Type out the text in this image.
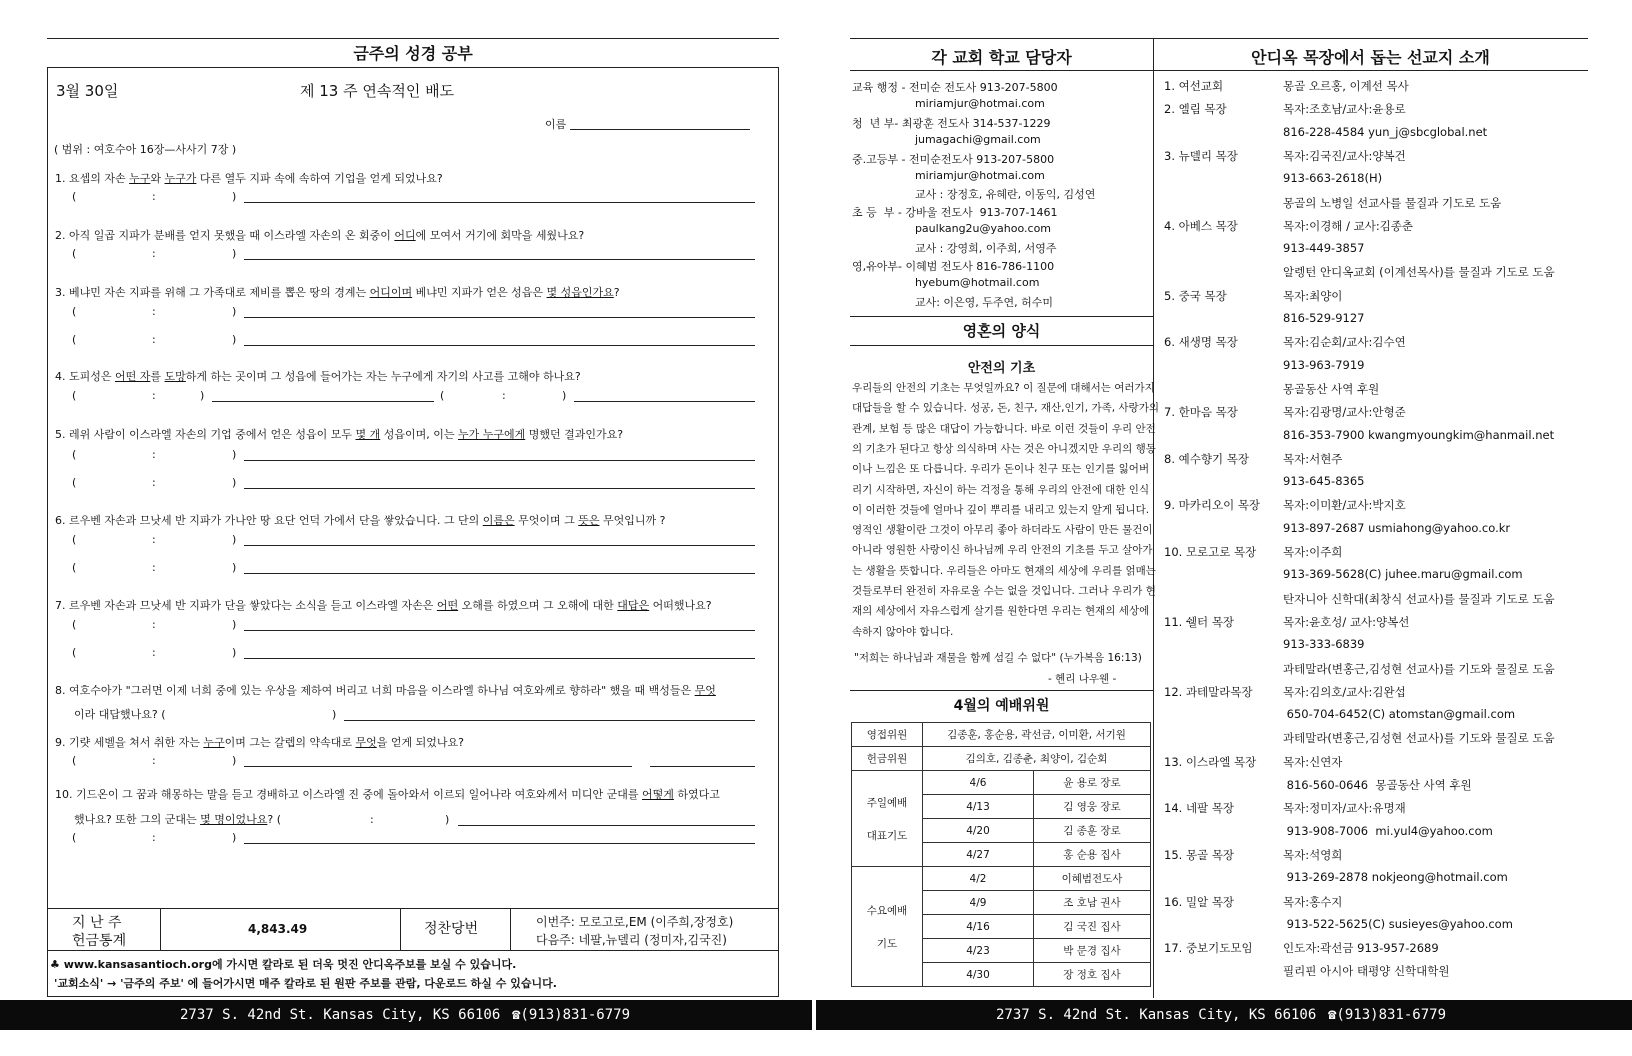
금주의 성경 공부
3월 30일	제 13 주 연속적인 배도
이름
( 범위 : 여호수아 16장—사사기 7장 )
1. 요셉의 자손 누구와 누구가 다른 열두 지파 속에 속하여 기업을 얻게 되었나요?
(	:	)
2. 아직 일곱 지파가 분배를 얻지 못했을 때 이스라엘 자손의 온 회중이 어디에 모여서 거기에 회막을 세웠나요?
(	:	)
3. 베냐민 자손 지파를 위해 그 가족대로 제비를 뽑은 땅의 경계는 어디이며 베냐민 지파가 얻은 성읍은 몇 성읍인가요?
(	:	)
(	:	)
4. 도피성은 어떤 자를 도망하게 하는 곳이며 그 성읍에 들어가는 자는 누구에게 자기의 사고를 고해야 하나요?
(	:	)	(	:	)
5. 레위 사람이 이스라엘 자손의 기업 중에서 얻은 성읍이 모두 몇 개 성읍이며, 이는 누가 누구에게 명했던 결과인가요?
(	:	)
(	:	)
6. 르우벤 자손과 므낫세 반 지파가 가나안 땅 요단 언덕 가에서 단을 쌓았습니다. 그 단의 이름은 무엇이며 그 뜻은 무엇입니까 ?
(	:	)
(	:	)
7. 르우벤 자손과 므낫세 반 지파가 단을 쌓았다는 소식을 듣고 이스라엘 자손은 어떤 오해를 하였으며 그 오해에 대한 대답은 어떠했나요?
(	:	)
(	:	)
8. 여호수아가 "그러면 이제 너희 중에 있는 우상을 제하여 버리고 너희 마음을 이스라엘 하나님 여호와께로 향하라" 했을 때 백성들은 무엇
9. 기럇 세벨을 쳐서 취한 자는 누구이며 그는 갈렙의 약속대로 무엇을 얻게 되었나요?
(	:	)
10. 기드온이 그 꿈과 해몽하는 말을 듣고 경배하고 이스라엘 진 중에 돌아와서 이르되 일어나라 여호와께서 미디안 군대를 어떻게 하였다고
(	:	)
이라 대답했나요? (	)
했나요? 또한 그의 군대는 몇 명이었나요? (	:	)
지 난 주
헌금통계
4,843.49	정찬당번	이번주: 모로고로,EM (이주희,장정호)
다음주: 네팔,뉴델리 (정미자,김국진)
♣ www.kansasantioch.org에 가시면 칼라로 된 더욱 멋진 안디옥주보를 보실 수 있습니다.
'교회소식' → '금주의 주보' 에 들어가시면 매주 칼라로 된 원판 주보를 관람, 다운로드 하실 수 있습니다.
각 교회 학교 담당자	안디옥 목장에서 돕는 선교지 소개
교육 행정 - 전미순 전도사 913-207-5800
miriamjur@hotmai.com
청  년 부- 최광훈 전도사 314-537-1229
jumagachi@gmail.com
중.고등부 - 전미순전도사 913-207-5800
miriamjur@hotmai.com
교사 : 장정호, 유혜란, 이동익, 김성연
초 등  부 - 강바울 전도사  913-707-1461
paulkang2u@yahoo.com
교사 : 강영희, 이주희, 서영주
영,유아부- 이혜범 전도사 816-786-1100
hyebum@hotmail.com
교사: 이은영, 두주연, 허수미
영혼의 양식
안전의 기초
우리들의 안전의 기초는 무엇일까요? 이 질문에 대해서는 여러가지
대답들을 할 수 있습니다. 성공, 돈, 친구, 재산,인기, 가족, 사랑가의
관계, 보험 등 많은 대답이 가능합니다. 바로 이런 것들이 우리 안전
의 기초가 된다고 항상 의식하며 사는 것은 아니겠지만 우리의 행동
이나 느낌은 또 다릅니다. 우리가 돈이나 친구 또는 인기를 잃어버
리기 시작하면, 자신이 하는 걱정을 통해 우리의 안전에 대한 인식
이 이러한 것들에 얼마나 깊이 뿌리를 내리고 있는지 알게 됩니다.
영적인 생활이란 그것이 아무리 좋아 하더라도 사람이 만든 물건이
아니라 영원한 사랑이신 하나님께 우리 안전의 기초를 두고 살아가
는 생활을 뜻합니다. 우리들은 아마도 현재의 세상에 우리를 얽매는
것들로부터 완전히 자유로울 수는 없을 것입니다. 그러나 우리가 현
재의 세상에서 자유스럽게 살기를 원한다면 우리는 현재의 세상에
속하지 않아야 합니다.
"저희는 하나님과 재물을 함께 섬길 수 없다" (누가복음 16:13)
- 헨리 나우웬 -
4월의 예배위원
영접위원	김종훈, 홍순용, 곽선금, 이미환, 서기원	
헌금위원	김의호, 김종춘, 최양이, 김순회	

주일예배
대표기도	4/6	윤 용로 장로
	4/13	김 영웅 장로
	4/20	김 종훈 장로
	4/27	홍 순용 집사

수요예배
기도	4/2	이혜범전도사
	4/9	조 호남 권사
	4/16	김 국진 집사
	4/23	박 문경 집사
	4/30	장 정호 집사
1. 여선교회	몽골 오르홍, 이계선 목사
2. 엘림 목장	목자:조호남/교사:윤용로
816-228-4584 yun_j@sbcglobal.net
3. 뉴델리 목장	목자:김국진/교사:양복건
913-663-2618(H)
몽골의 노병일 선교사를 물질과 기도로 도움
4. 아베스 목장	목자:이경해 / 교사:김종춘
913-449-3857
알렝턴 안디옥교회 (이계선목사)를 물질과 기도로 도움
5. 중국 목장	목자:최양이
816-529-9127
6. 새생명 목장	목자:김순회/교사:김수연
913-963-7919
몽골동산 사역 후원
7. 한마음 목장	목자:김광명/교사:안형준
816-353-7900 kwangmyoungkim@hanmail.net
8. 예수향기 목장	목자:서현주
913-645-8365
9. 마카리오이 목장 목자:이미환/교사:박지호
913-897-2687 usmiahong@yahoo.co.kr
10. 모로고로 목장 목자:이주희
913-369-5628(C) juhee.maru@gmail.com
탄자니아 신학대(최창식 선교사)를 물질과 기도로 도움
11. 쉘터 목장	목자:윤호성/ 교사:양복선
913-333-6839
과테말라(변홍근,김성현 선교사)를 기도와 물질로 도움
12. 과테말라목장	목자:김의호/교사:김완섭
650-704-6452(C) atomstan@gmail.com
과테말라(변홍근,김성현 선교사)를 기도와 물질로 도움
13. 이스라엘 목장 목자:신연자
816-560-0646  몽골동산 사역 후원
14. 네팔 목장	목자:정미자/교사:유명재
913-908-7006  mi.yul4@yahoo.com
15. 몽골 목장	목자:석영희
913-269-2878 nokjeong@hotmail.com
16. 밀알 목장	목자:홍수지
913-522-5625(C) susieyes@yahoo.com
17. 중보기도모임	인도자:곽선금 913-957-2689
필리핀 아시아 태평양 신학대학원
2737 S. 42nd St. Kansas City, KS 66106 ☎(913)831-6779	2737 S. 42nd St. Kansas City, KS 66106 ☎(913)831-6779
